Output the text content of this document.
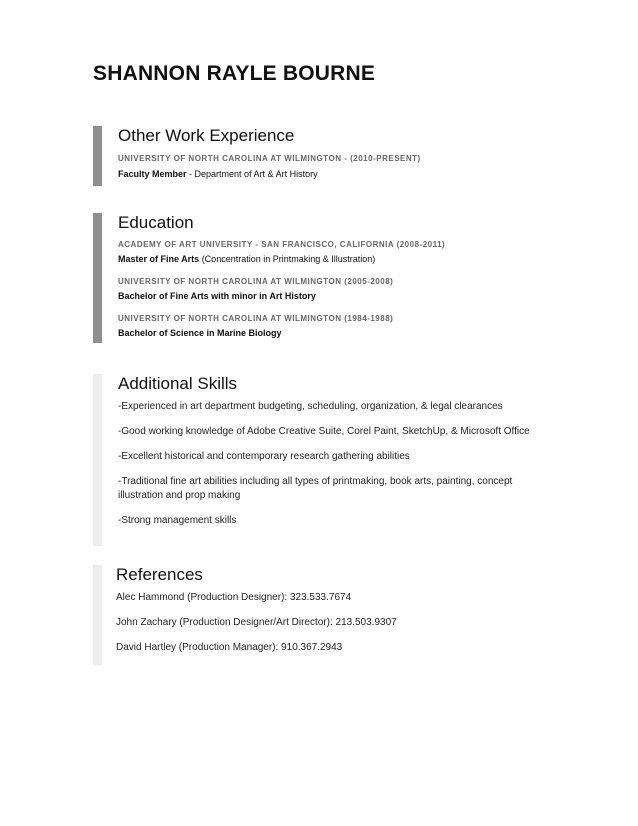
SHANNON RAYLE BOURNE
Other Work Experience
UNIVERSITY OF NORTH CAROLINA AT WILMINGTON - (2010-PRESENT)
Faculty Member - Department of Art & Art History
Education
ACADEMY OF ART UNIVERSITY - SAN FRANCISCO, CALIFORNIA (2008-2011)
Master of Fine Arts (Concentration in Printmaking & Illustration)
UNIVERSITY OF NORTH CAROLINA AT WILMINGTON (2005-2008)
Bachelor of Fine Arts with minor in Art History
UNIVERSITY OF NORTH CAROLINA AT WILMINGTON (1984-1988)
Bachelor of Science in Marine Biology
Additional Skills
-Experienced in art department budgeting, scheduling, organization, & legal clearances
-Good working knowledge of Adobe Creative Suite, Corel Paint, SketchUp, & Microsoft Office
-Excellent historical and contemporary research gathering abilities
-Traditional fine art abilities including all types of printmaking, book arts, painting, concept illustration and prop making
-Strong management skills
References
Alec Hammond (Production Designer): 323.533.7674
John Zachary (Production Designer/Art Director): 213.503.9307
David Hartley (Production Manager): 910.367.2943
